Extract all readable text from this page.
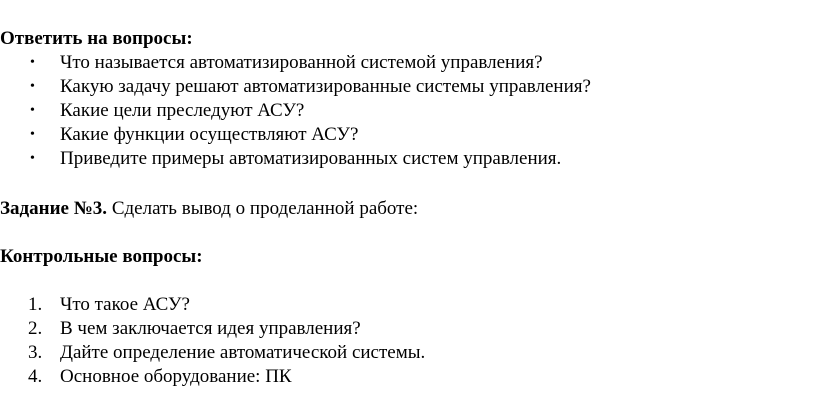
Ответить на вопросы:
• Что называется автоматизированной системой управления?
• Какую задачу решают автоматизированные системы управления?
• Какие цели преследуют АСУ?
• Какие функции осуществляют АСУ?
• Приведите примеры автоматизированных систем управления.
Задание №3. Сделать вывод о проделанной работе:
Контрольные вопросы:
1. Что такое АСУ?
2. В чем заключается идея управления?
3. Дайте определение автоматической системы.
4. Основное оборудование: ПК
